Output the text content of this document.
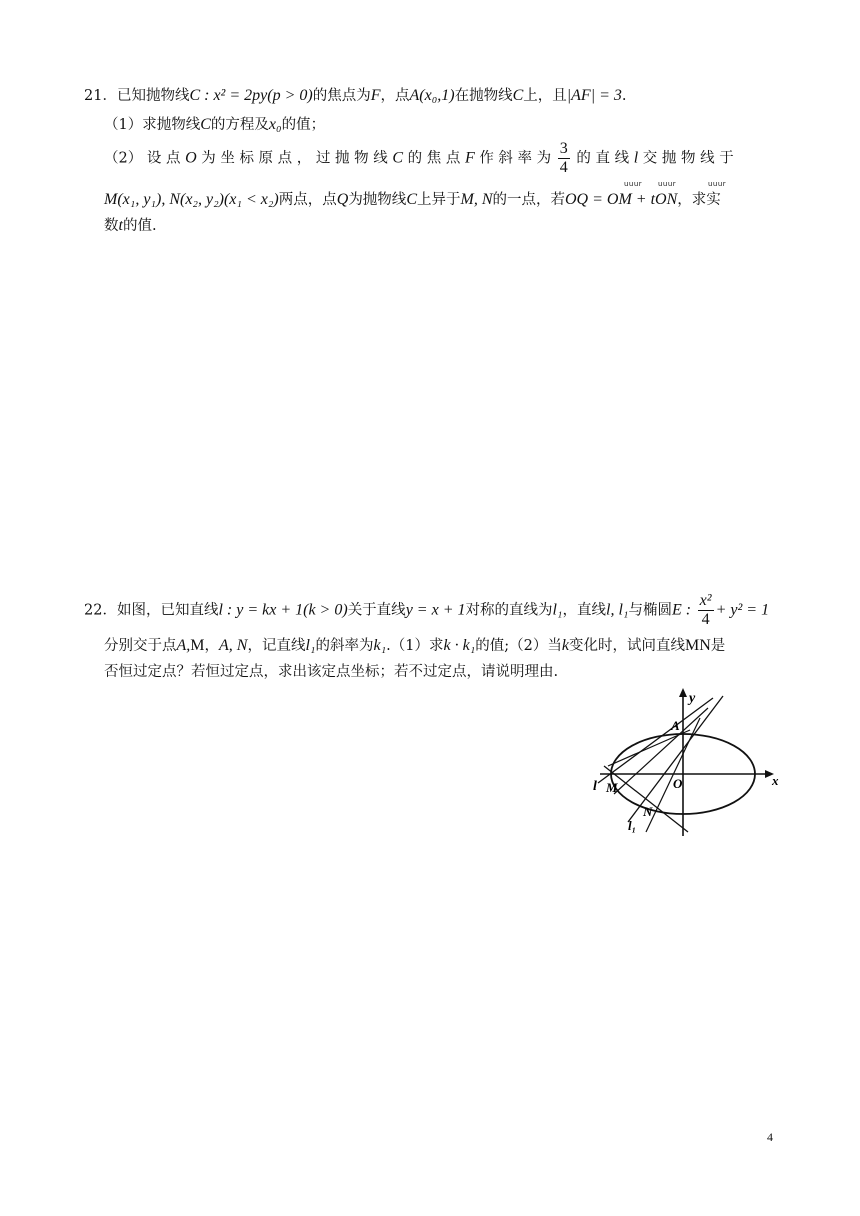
21．已知抛物线C : x² = 2py(p > 0)的焦点为F，点A(x₀,1)在抛物线C上，且|AF| = 3.
（1）求抛物线C的方程及x₀的值；
（2） 设 点 O 为 坐 标 原 点 ， 过 抛 物 线 C 的 焦 点 F 作 斜 率 为 $\frac{3}{4}$ 的 直 线 l 交 抛 物 线 于
uuur uuur	uuur
M(x₁, y₁), N(x₂, y₂)(x₁ < x₂)两点，点Q为抛物线C上异于M, N的一点，若OQ = OM + tON，求实
数t的值.
22．如图，已知直线l : y = kx + 1(k > 0)关于直线y = x + 1对称的直线为l₁，直线l, l₁与椭圆E : $\frac{\text{x²}}{4} + y^2 = 1$
分别交于点A,M，A, N，记直线l₁的斜率为k₁.（1）求k · k₁的值;（2）当k变化时，试问直线MN是
否恒过定点？若恒过定点，求出该定点坐标；若不过定点，请说明理由.
y
x
A
O
l M
N
l₁
4
